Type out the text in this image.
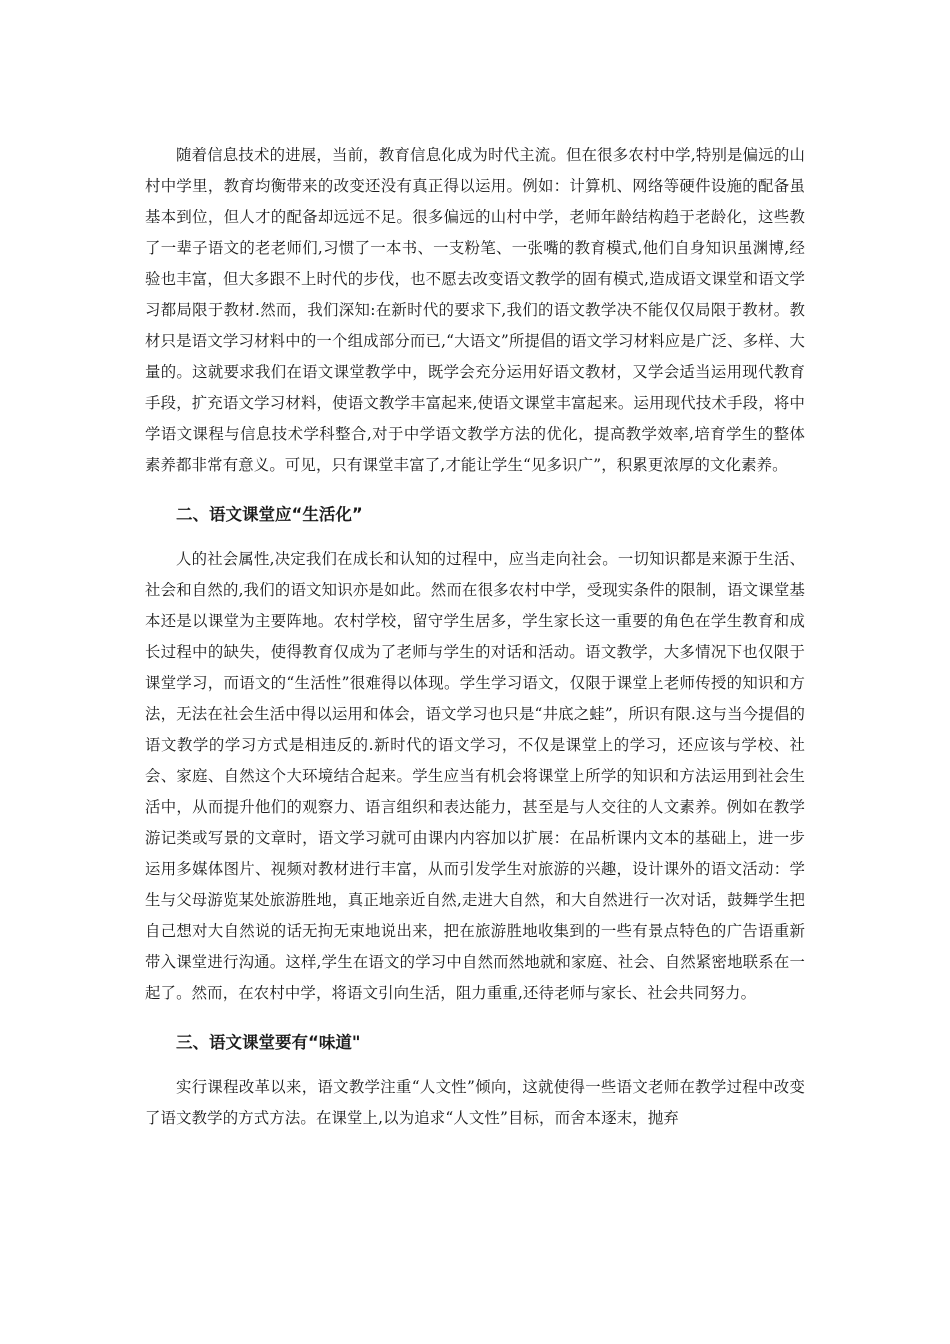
随着信息技术的进展，当前，教育信息化成为时代主流。但在很多农村中学,特别是偏远的山村中学里，教育均衡带来的改变还没有真正得以运用。例如：计算机、网络等硬件设施的配备虽基本到位，但人才的配备却远远不足。很多偏远的山村中学，老师年龄结构趋于老龄化，这些教了一辈子语文的老老师们,习惯了一本书、一支粉笔、一张嘴的教育模式,他们自身知识虽渊博,经验也丰富，但大多跟不上时代的步伐，也不愿去改变语文教学的固有模式,造成语文课堂和语文学习都局限于教材.然而，我们深知:在新时代的要求下,我们的语文教学决不能仅仅局限于教材。教材只是语文学习材料中的一个组成部分而已,“大语文”所提倡的语文学习材料应是广泛、多样、大量的。这就要求我们在语文课堂教学中，既学会充分运用好语文教材，又学会适当运用现代教育手段，扩充语文学习材料，使语文教学丰富起来,使语文课堂丰富起来。运用现代技术手段，将中学语文课程与信息技术学科整合,对于中学语文教学方法的优化，提高教学效率,培育学生的整体素养都非常有意义。可见，只有课堂丰富了,才能让学生“见多识广”，积累更浓厚的文化素养。

二、语文课堂应“生活化”

人的社会属性,决定我们在成长和认知的过程中，应当走向社会。一切知识都是来源于生活、社会和自然的,我们的语文知识亦是如此。然而在很多农村中学，受现实条件的限制，语文课堂基本还是以课堂为主要阵地。农村学校，留守学生居多，学生家长这一重要的角色在学生教育和成长过程中的缺失，使得教育仅成为了老师与学生的对话和活动。语文教学，大多情况下也仅限于课堂学习，而语文的“生活性”很难得以体现。学生学习语文，仅限于课堂上老师传授的知识和方法，无法在社会生活中得以运用和体会，语文学习也只是“井底之蛙”，所识有限.这与当今提倡的语文教学的学习方式是相违反的.新时代的语文学习，不仅是课堂上的学习，还应该与学校、社会、家庭、自然这个大环境结合起来。学生应当有机会将课堂上所学的知识和方法运用到社会生活中，从而提升他们的观察力、语言组织和表达能力，甚至是与人交往的人文素养。例如在教学游记类或写景的文章时，语文学习就可由课内内容加以扩展：在品析课内文本的基础上，进一步运用多媒体图片、视频对教材进行丰富，从而引发学生对旅游的兴趣，设计课外的语文活动：学生与父母游览某处旅游胜地，真正地亲近自然,走进大自然，和大自然进行一次对话，鼓舞学生把自己想对大自然说的话无拘无束地说出来，把在旅游胜地收集到的一些有景点特色的广告语重新带入课堂进行沟通。这样,学生在语文的学习中自然而然地就和家庭、社会、自然紧密地联系在一起了。然而，在农村中学，将语文引向生活，阻力重重,还待老师与家长、社会共同努力。

三、语文课堂要有“味道"

实行课程改革以来，语文教学注重“人文性”倾向，这就使得一些语文老师在教学过程中改变了语文教学的方式方法。在课堂上,以为追求“人文性”目标，而舍本逐末，抛弃
